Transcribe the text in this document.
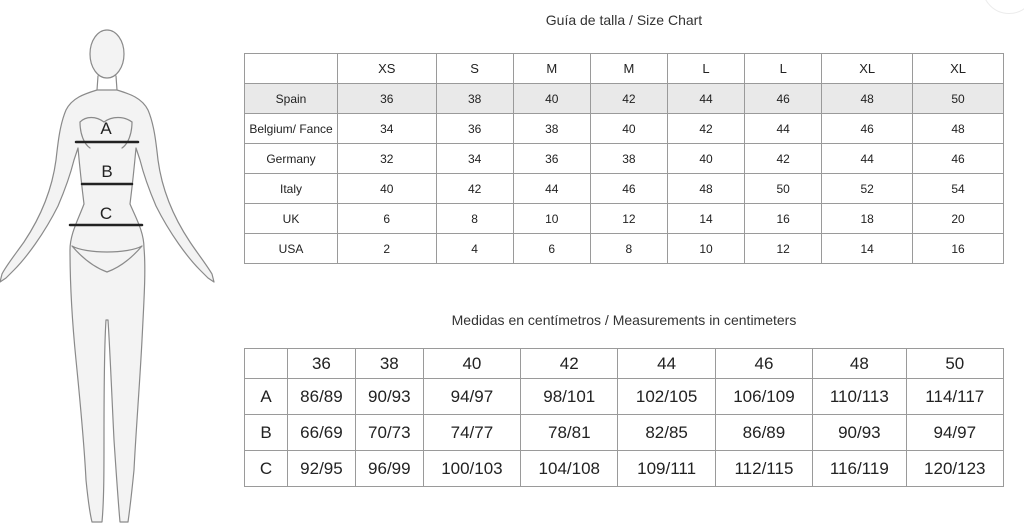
A
B
C
Guía de talla / Size Chart
	XS	S	M	M	L	L	XL	XL
Spain	36	38	40	42	44	46	48	50
Belgium/ Fance	34	36	38	40	42	44	46	48
Germany	32	34	36	38	40	42	44	46
Italy	40	42	44	46	48	50	52	54
UK	6	8	10	12	14	16	18	20
USA	2	4	6	8	10	12	14	16
Medidas en centímetros / Measurements in centimeters
	36	38	40	42	44	46	48	50
A	86/89	90/93	94/97	98/101	102/105	106/109	110/113	114/117
B	66/69	70/73	74/77	78/81	82/85	86/89	90/93	94/97
C	92/95	96/99	100/103	104/108	109/111	112/115	116/119	120/123
